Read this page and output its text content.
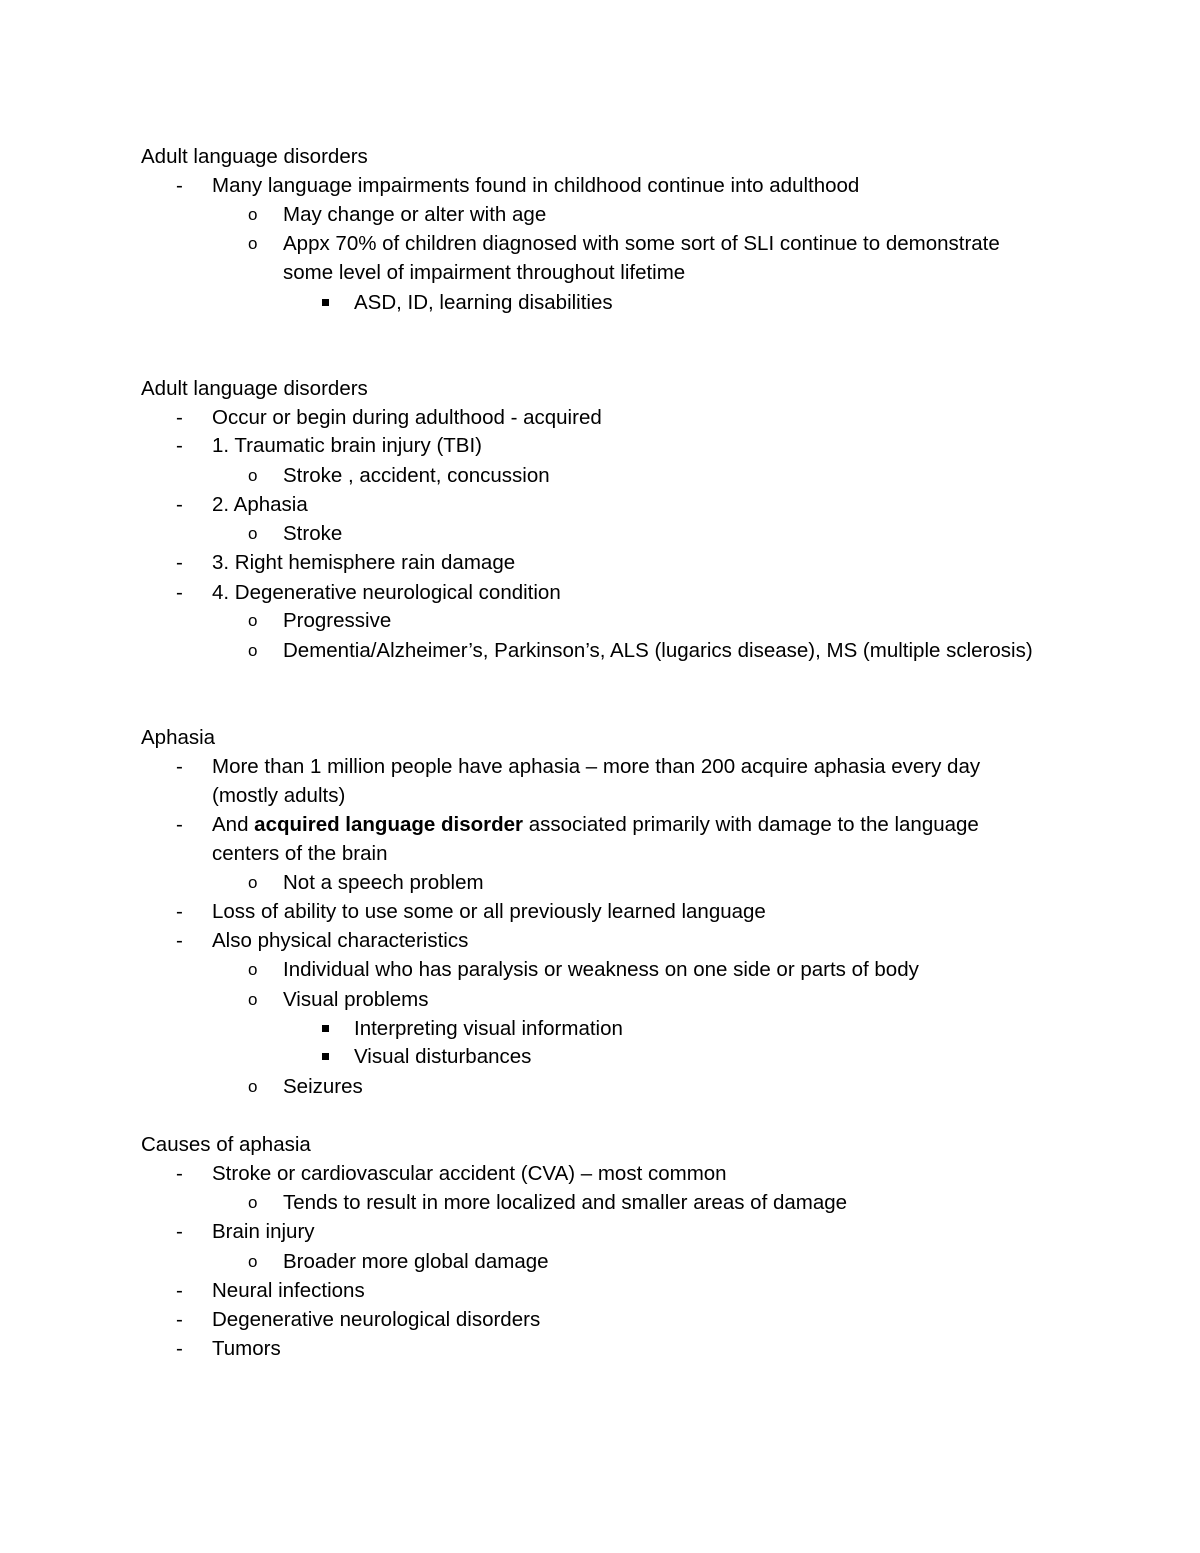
Adult language disorders
- Many language impairments found in childhood continue into adulthood
o May change or alter with age
o Appx 70% of children diagnosed with some sort of SLI continue to demonstrate
some level of impairment throughout lifetime
ASD, ID, learning disabilities
Adult language disorders
- Occur or begin during adulthood - acquired
- 1. Traumatic brain injury (TBI)
o Stroke , accident, concussion
- 2. Aphasia
o Stroke
- 3. Right hemisphere rain damage
- 4. Degenerative neurological condition
o Progressive
o Dementia/Alzheimer’s, Parkinson’s, ALS (lugarics disease), MS (multiple sclerosis)
Aphasia
- More than 1 million people have aphasia – more than 200 acquire aphasia every day
(mostly adults)
- And acquired language disorder associated primarily with damage to the language
centers of the brain
o Not a speech problem
- Loss of ability to use some or all previously learned language
- Also physical characteristics
o Individual who has paralysis or weakness on one side or parts of body
o Visual problems
Interpreting visual information
Visual disturbances
o Seizures
Causes of aphasia
- Stroke or cardiovascular accident (CVA) – most common
o Tends to result in more localized and smaller areas of damage
- Brain injury
o Broader more global damage
- Neural infections
- Degenerative neurological disorders
- Tumors
